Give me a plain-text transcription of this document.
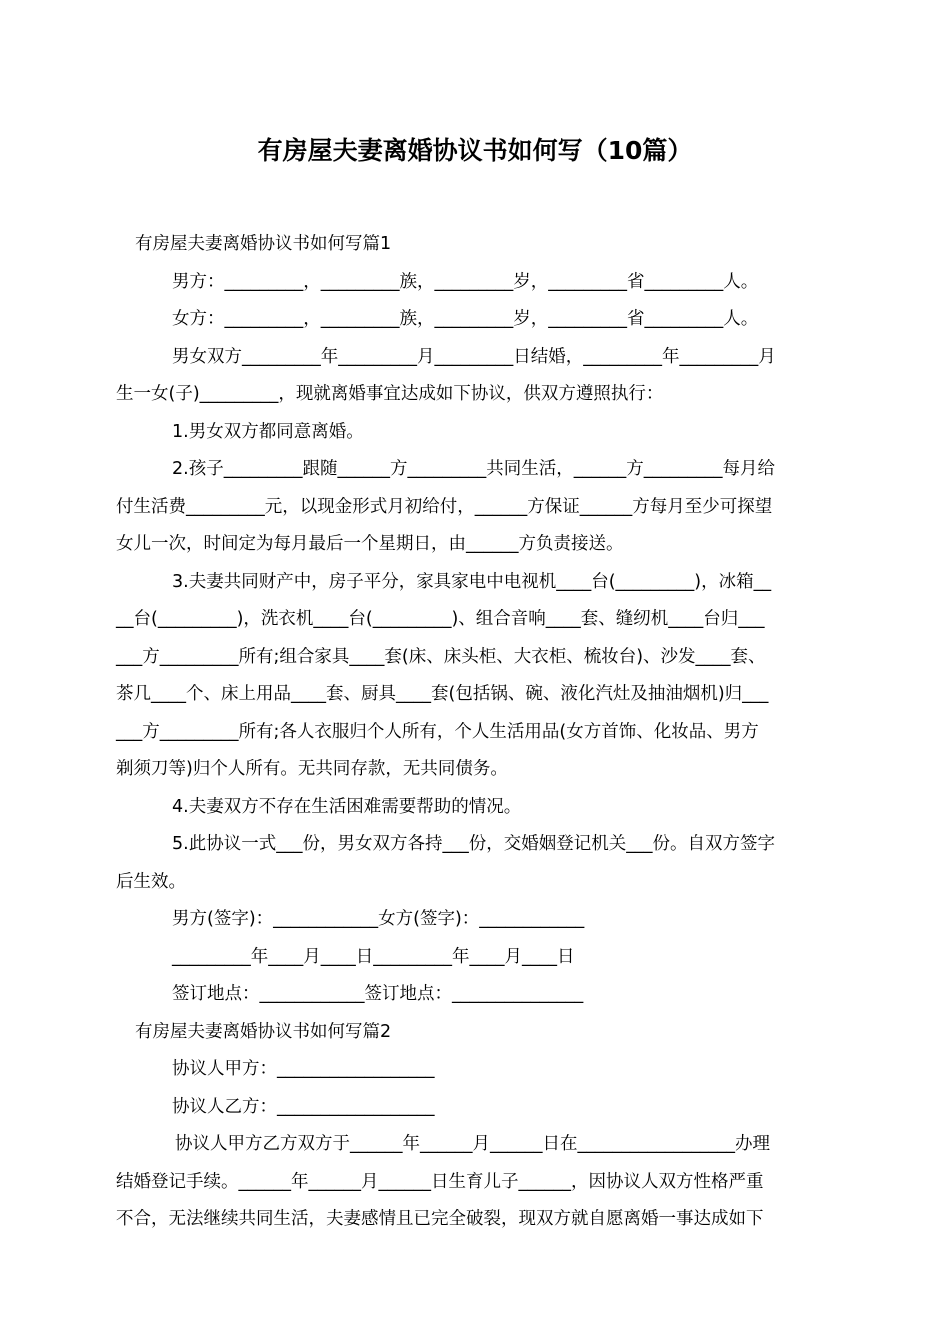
有房屋夫妻离婚协议书如何写（10篇）

有房屋夫妻离婚协议书如何写篇1

男方：_________，_________族，_________岁，_________省_________人。

女方：_________，_________族，_________岁，_________省_________人。

男女双方_________年_________月_________日结婚，_________年_________月

生一女(子)_________，现就离婚事宜达成如下协议，供双方遵照执行：

1.男女双方都同意离婚。

2.孩子_________跟随______方_________共同生活，______方_________每月给

付生活费_________元，以现金形式月初给付，______方保证______方每月至少可探望

女儿一次，时间定为每月最后一个星期日，由______方负责接送。

3.夫妻共同财产中，房子平分，家具家电中电视机____台(_________)，冰箱__

__台(_________)，洗衣机____台(_________)、组合音响____套、缝纫机____台归___

___方_________所有;组合家具____套(床、床头柜、大衣柜、梳妆台)、沙发____套、

茶几____个、床上用品____套、厨具____套(包括锅、碗、液化汽灶及抽油烟机)归___

___方_________所有;各人衣服归个人所有，个人生活用品(女方首饰、化妆品、男方

剃须刀等)归个人所有。无共同存款，无共同债务。

4.夫妻双方不存在生活困难需要帮助的情况。

5.此协议一式___份，男女双方各持___份，交婚姻登记机关___份。自双方签字

后生效。

男方(签字)：____________女方(签字)：____________

_________年____月____日_________年____月____日

签订地点：____________签订地点：_______________

有房屋夫妻离婚协议书如何写篇2

协议人甲方：__________________

协议人乙方：__________________

协议人甲方乙方双方于______年______月______日在__________________办理

结婚登记手续。______年______月______日生育儿子______，因协议人双方性格严重

不合，无法继续共同生活，夫妻感情且已完全破裂，现双方就自愿离婚一事达成如下
